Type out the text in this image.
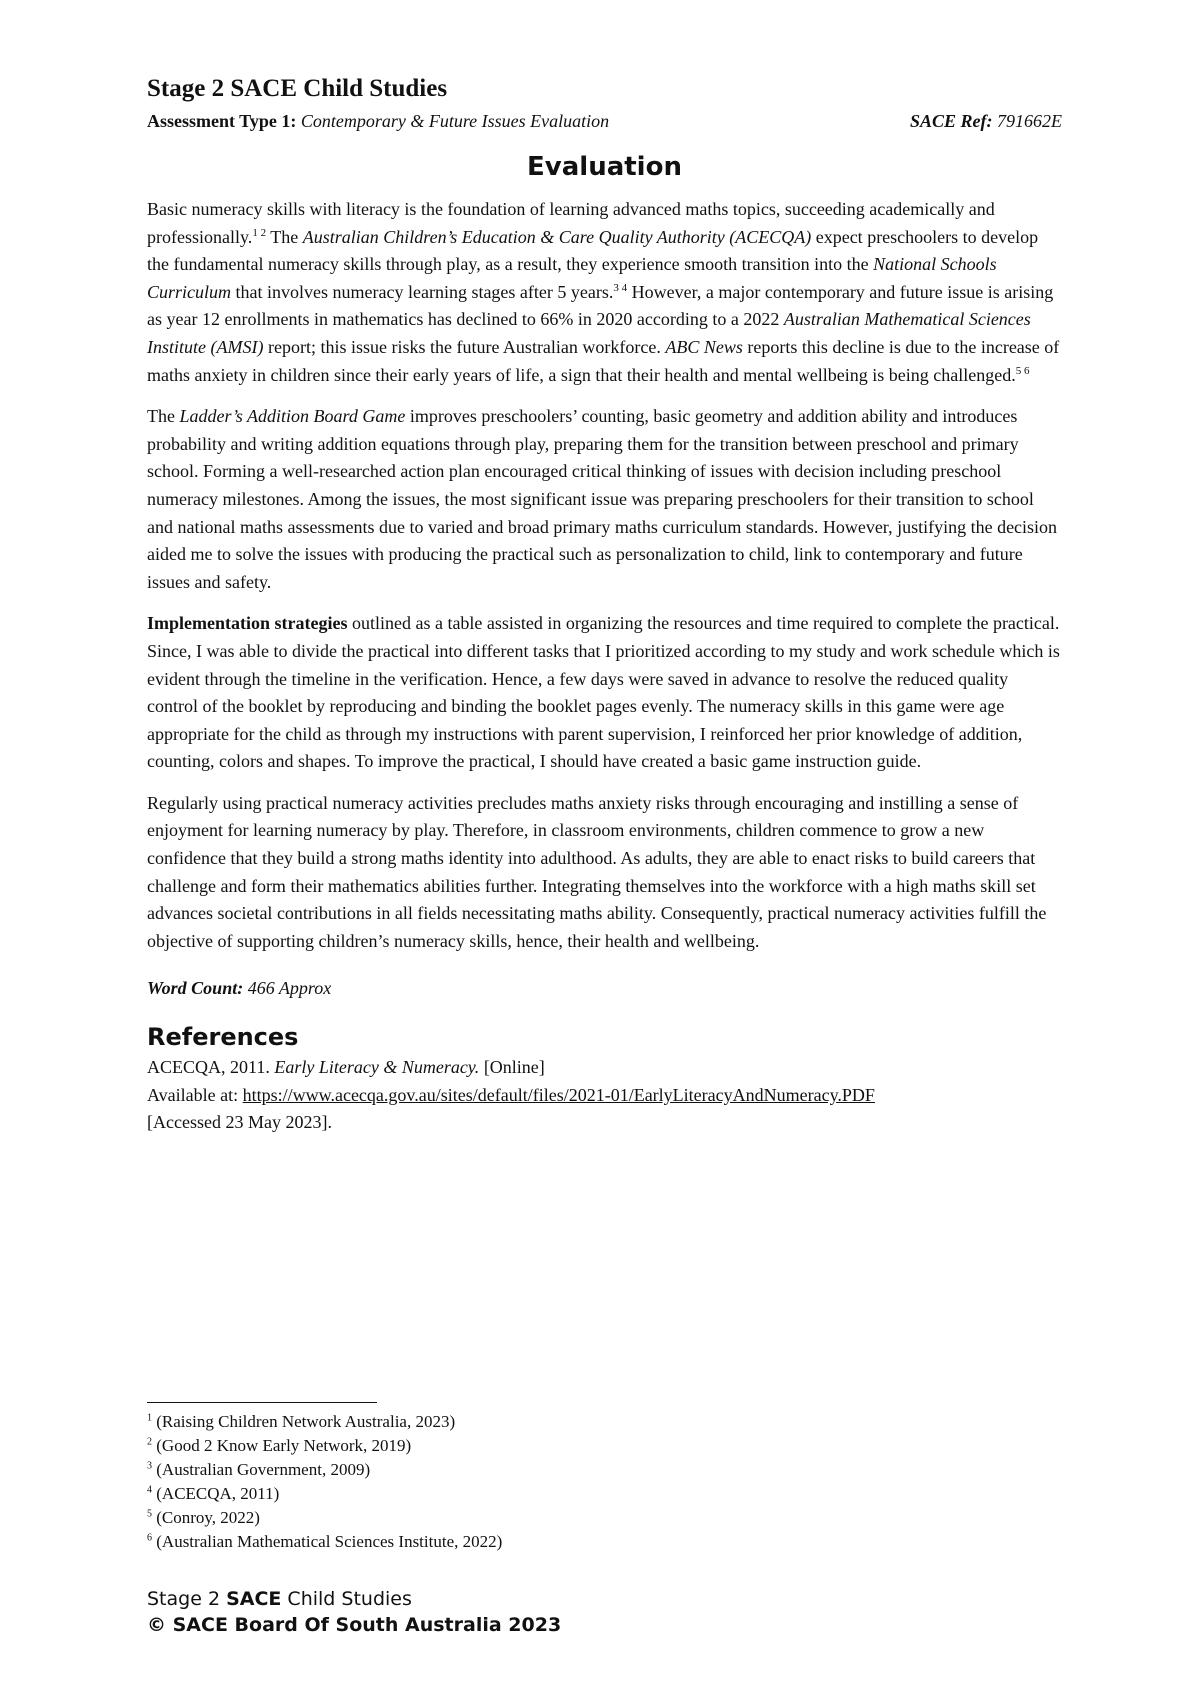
Stage 2 SACE Child Studies
Assessment Type 1: Contemporary & Future Issues Evaluation	SACE Ref: 791662E
Evaluation

Basic numeracy skills with literacy is the foundation of learning advanced maths topics, succeeding academically and professionally.$^{1 2}$ The Australian Children’s Education & Care Quality Authority (ACECQA) expect preschoolers to develop the fundamental numeracy skills through play, as a result, they experience smooth transition into the National Schools Curriculum that involves numeracy learning stages after 5 years.$^{3 4}$ However, a major contemporary and future issue is arising as year 12 enrollments in mathematics has declined to 66% in 2020 according to a 2022 Australian Mathematical Sciences Institute (AMSI) report; this issue risks the future Australian workforce. ABC News reports this decline is due to the increase of maths anxiety in children since their early years of life, a sign that their health and mental wellbeing is being challenged.$^{5 6}$

The Ladder’s Addition Board Game improves preschoolers’ counting, basic geometry and addition ability and introduces probability and writing addition equations through play, preparing them for the transition between preschool and primary school. Forming a well-researched action plan encouraged critical thinking of issues with decision including preschool numeracy milestones. Among the issues, the most significant issue was preparing preschoolers for their transition to school and national maths assessments due to varied and broad primary maths curriculum standards. However, justifying the decision aided me to solve the issues with producing the practical such as personalization to child, link to contemporary and future issues and safety.

Implementation strategies outlined as a table assisted in organizing the resources and time required to complete the practical. Since, I was able to divide the practical into different tasks that I prioritized according to my study and work schedule which is evident through the timeline in the verification. Hence, a few days were saved in advance to resolve the reduced quality control of the booklet by reproducing and binding the booklet pages evenly. The numeracy skills in this game were age appropriate for the child as through my instructions with parent supervision, I reinforced her prior knowledge of addition, counting, colors and shapes. To improve the practical, I should have created a basic game instruction guide.

Regularly using practical numeracy activities precludes maths anxiety risks through encouraging and instilling a sense of enjoyment for learning numeracy by play. Therefore, in classroom environments, children commence to grow a new confidence that they build a strong maths identity into adulthood. As adults, they are able to enact risks to build careers that challenge and form their mathematics abilities further. Integrating themselves into the workforce with a high maths skill set advances societal contributions in all fields necessitating maths ability. Consequently, practical numeracy activities fulfill the objective of supporting children’s numeracy skills, hence, their health and wellbeing.

Word Count: 466 Approx

References
ACECQA, 2011. Early Literacy & Numeracy. [Online]
Available at: https://www.acecqa.gov.au/sites/default/files/2021-01/EarlyLiteracyAndNumeracy.PDF
[Accessed 23 May 2023].
$^1$ (Raising Children Network Australia, 2023)
$^2$ (Good 2 Know Early Network, 2019)
$^3$ (Australian Government, 2009)
$^4$ (ACECQA, 2011)
$^5$ (Conroy, 2022)
$^6$ (Australian Mathematical Sciences Institute, 2022)
Stage 2 SACE Child Studies
© SACE Board Of South Australia 2023
